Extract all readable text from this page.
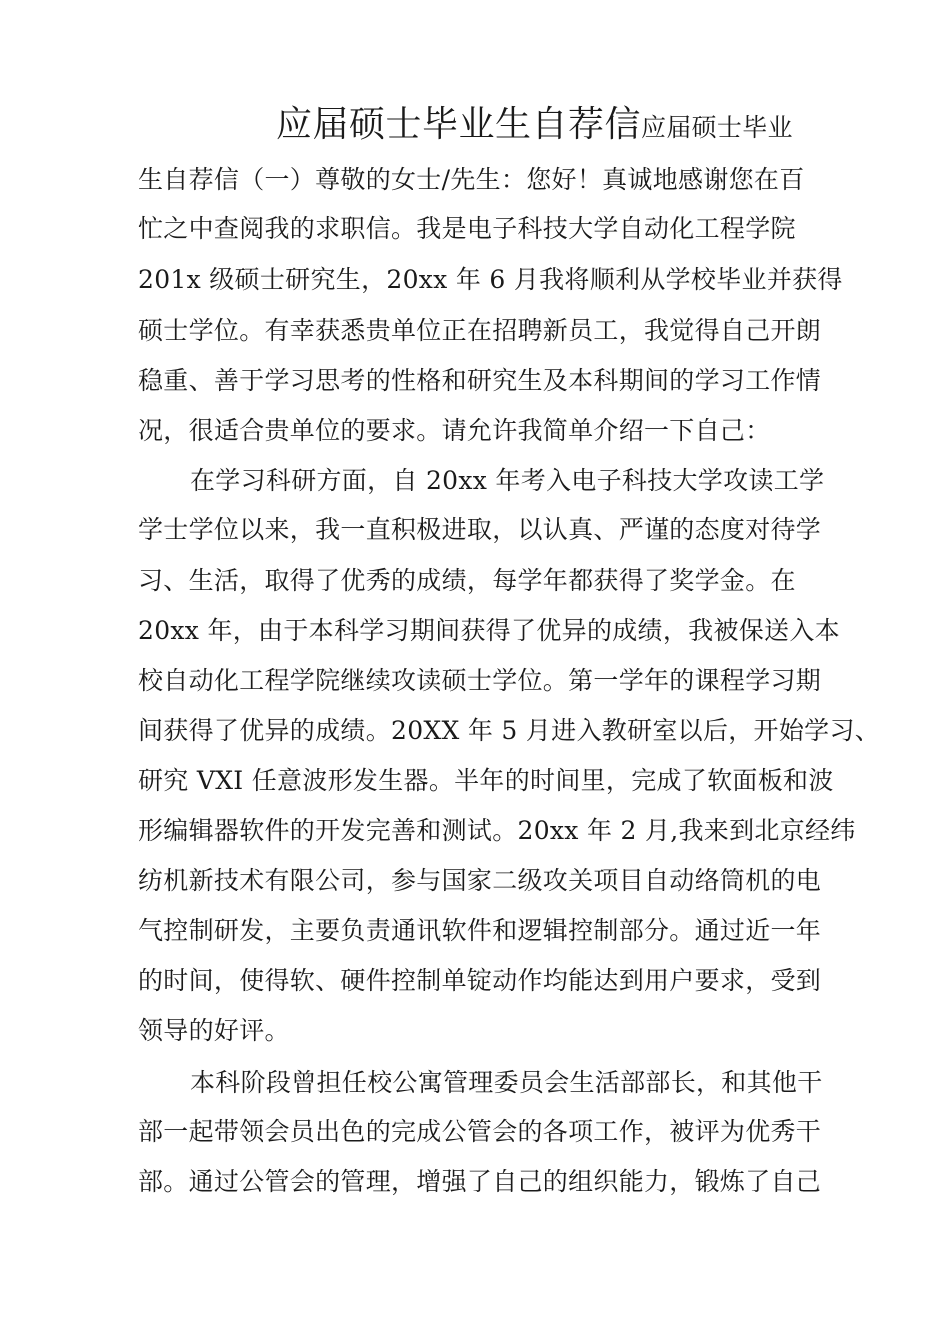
应届硕士毕业生自荐信应届硕士毕业
生自荐信（一）尊敬的女士/先生：您好！真诚地感谢您在百
忙之中查阅我的求职信。我是电子科技大学自动化工程学院
201x 级硕士研究生，20xx 年 6 月我将顺利从学校毕业并获得
硕士学位。有幸获悉贵单位正在招聘新员工，我觉得自己开朗
稳重、善于学习思考的性格和研究生及本科期间的学习工作情
况，很适合贵单位的要求。请允许我简单介绍一下自己：
在学习科研方面，自 20xx 年考入电子科技大学攻读工学
学士学位以来，我一直积极进取，以认真、严谨的态度对待学
习、生活，取得了优秀的成绩，每学年都获得了奖学金。在
20xx 年，由于本科学习期间获得了优异的成绩，我被保送入本
校自动化工程学院继续攻读硕士学位。第一学年的课程学习期
间获得了优异的成绩。20XX 年 5 月进入教研室以后，开始学习、
研究 VXI 任意波形发生器。半年的时间里，完成了软面板和波
形编辑器软件的开发完善和测试。20xx 年 2 月,我来到北京经纬
纺机新技术有限公司，参与国家二级攻关项目自动络筒机的电
气控制研发，主要负责通讯软件和逻辑控制部分。通过近一年
的时间，使得软、硬件控制单锭动作均能达到用户要求，受到
领导的好评。
本科阶段曾担任校公寓管理委员会生活部部长，和其他干
部一起带领会员出色的完成公管会的各项工作，被评为优秀干
部。通过公管会的管理，增强了自己的组织能力，锻炼了自己
